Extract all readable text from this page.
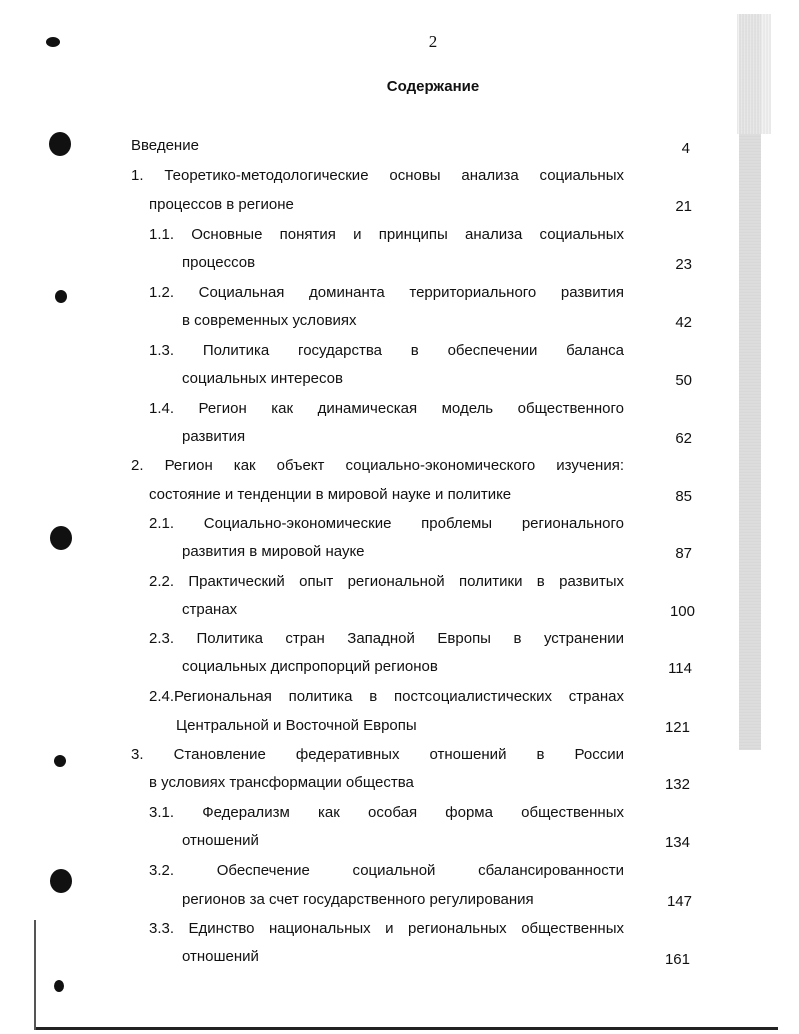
2
Содержание
Введение	4
1. Теоретико-методологические основы анализа социальных
процессов в регионе	21
1.1. Основные понятия и принципы анализа социальных
процессов	23
1.2. Социальная доминанта территориального развития
в современных условиях	42
1.3. Политика государства в обеспечении баланса
социальных интересов	50
1.4. Регион как динамическая модель общественного
развития	62
2. Регион как объект социально-экономического изучения:
состояние и тенденции в мировой науке и политике	85
2.1. Социально-экономические проблемы регионального
развития в мировой науке	87
2.2. Практический опыт региональной политики в развитых
странах	100
2.3. Политика стран Западной Европы в устранении
социальных диспропорций регионов	114
2.4.Региональная политика в постсоциалистических странах
Центральной и Восточной Европы	121
3. Становление федеративных отношений в России
в условиях трансформации общества	132
3.1. Федерализм как особая форма общественных
отношений	134
3.2. Обеспечение социальной сбалансированности
регионов за счет государственного регулирования	147
3.3. Единство национальных и региональных общественных
отношений	161
